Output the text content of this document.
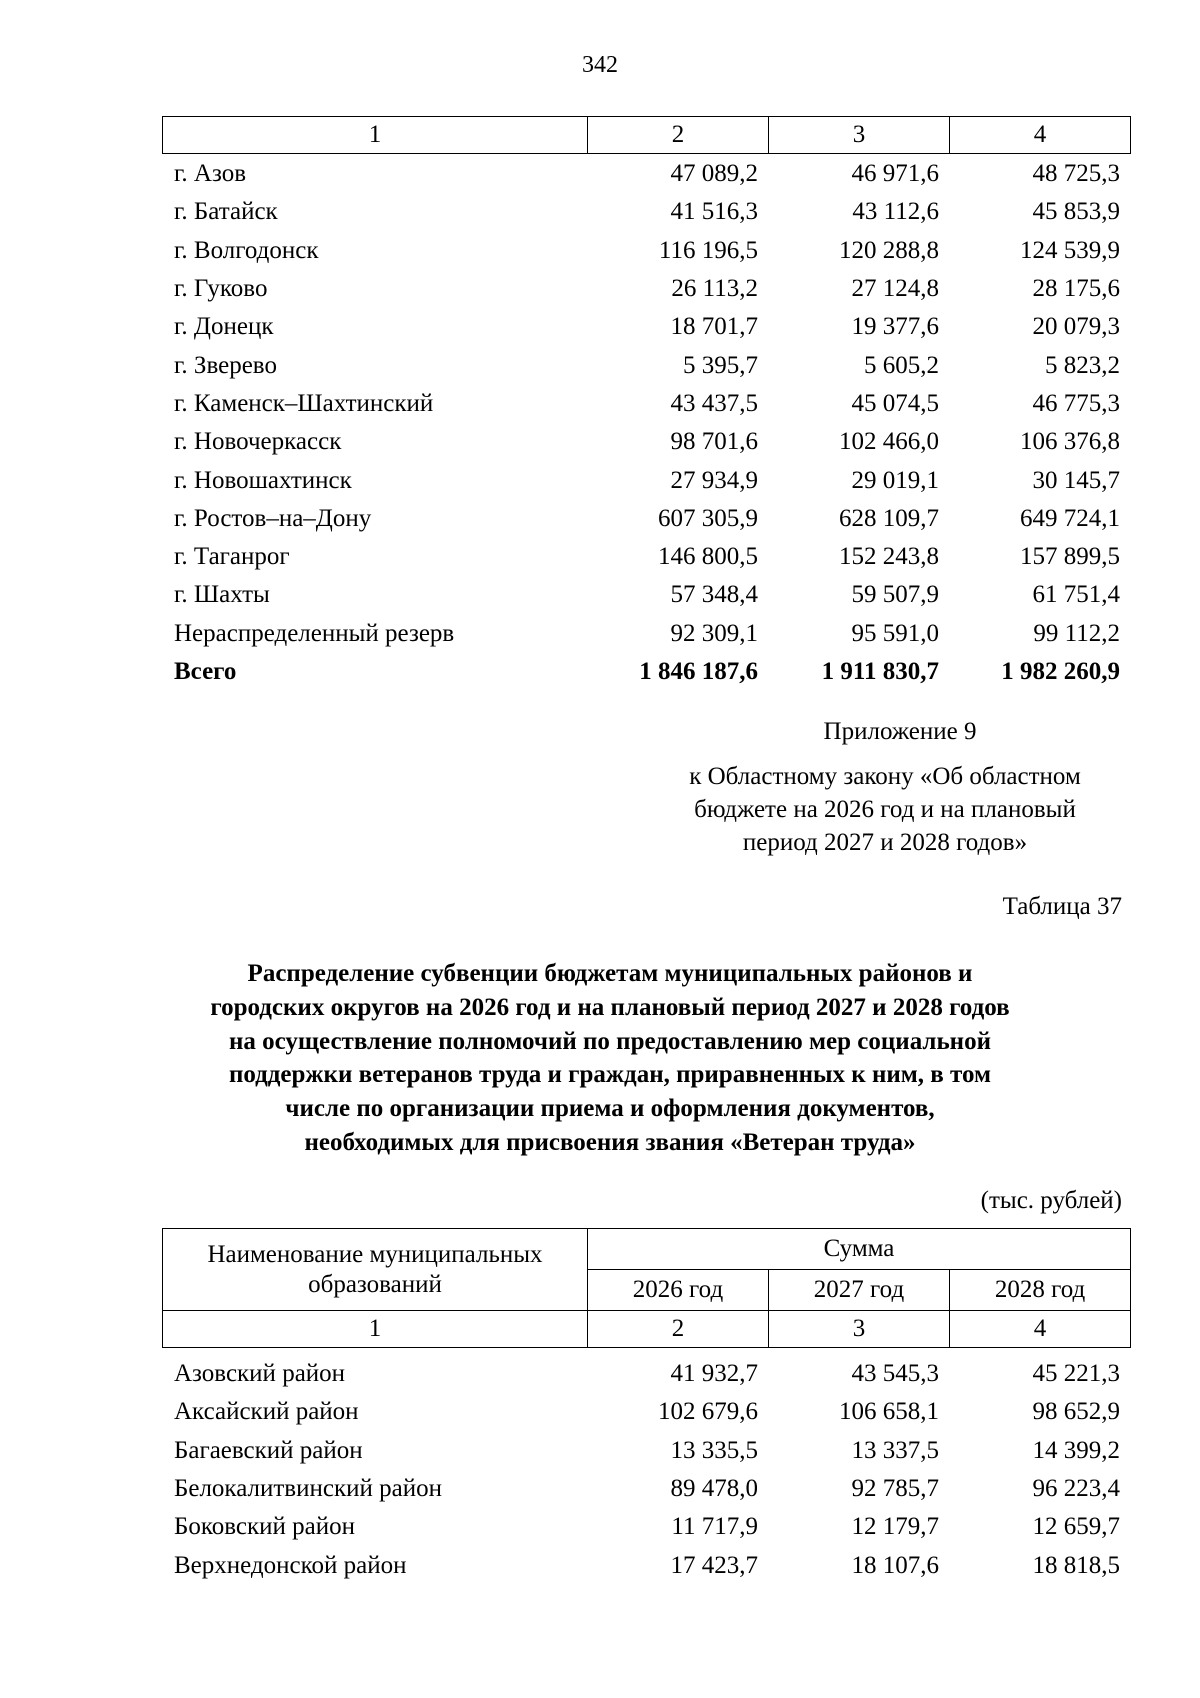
342
1	2	3	4
г. Азов	47 089,2	46 971,6	48 725,3
г. Батайск	41 516,3	43 112,6	45 853,9
г. Волгодонск	116 196,5	120 288,8	124 539,9
г. Гуково	26 113,2	27 124,8	28 175,6
г. Донецк	18 701,7	19 377,6	20 079,3
г. Зверево	5 395,7	5 605,2	5 823,2
г. Каменск–Шахтинский	43 437,5	45 074,5	46 775,3
г. Новочеркасск	98 701,6	102 466,0	106 376,8
г. Новошахтинск	27 934,9	29 019,1	30 145,7
г. Ростов–на–Дону	607 305,9	628 109,7	649 724,1
г. Таганрог	146 800,5	152 243,8	157 899,5
г. Шахты	57 348,4	59 507,9	61 751,4
Нераспределенный резерв	92 309,1	95 591,0	99 112,2
Всего	1 846 187,6	1 911 830,7	1 982 260,9
Приложение 9
к Областному закону «Об областном
бюджете на 2026 год и на плановый
период 2027 и 2028 годов»
Таблица 37
Распределение субвенции бюджетам муниципальных районов и
городских округов на 2026 год и на плановый период 2027 и 2028 годов
на осуществление полномочий по предоставлению мер социальной
поддержки ветеранов труда и граждан, приравненных к ним, в том
числе по организации приема и оформления документов,
необходимых для присвоения звания «Ветеран труда»
(тыс. рублей)
Наименование муниципальных
образований	Сумма		
	2026 год	2027 год	2028 год
1	2	3	4
Азовский район	41 932,7	43 545,3	45 221,3
Аксайский район	102 679,6	106 658,1	98 652,9
Багаевский район	13 335,5	13 337,5	14 399,2
Белокалитвинский район	89 478,0	92 785,7	96 223,4
Боковский район	11 717,9	12 179,7	12 659,7
Верхнедонской район	17 423,7	18 107,6	18 818,5
